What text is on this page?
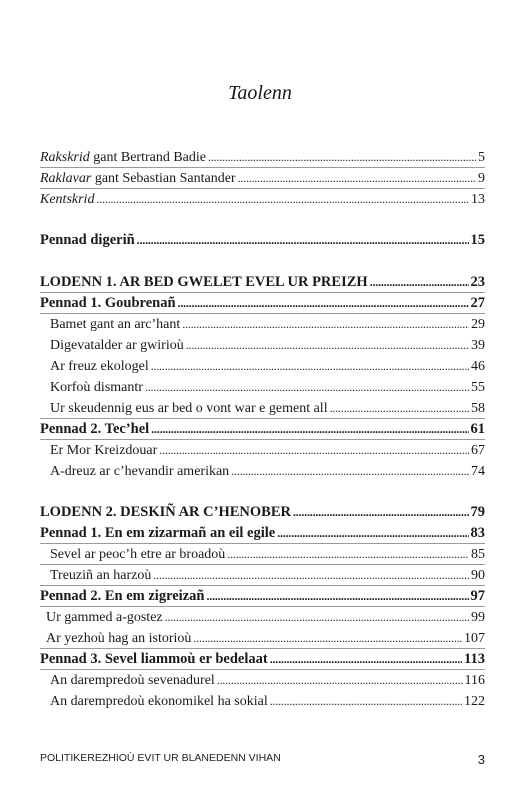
Taolenn
Rakskrid gant Bertrand Badie . . .	5
Raklavar gant Sebastian Santander . . .	9
Kentskrid . . .	13
Pennad digeriñ . . .	15
LODENN 1. AR BED GWELET EVEL UR PREIZH . . .	23
Pennad 1. Goubrenañ . . .	27
Bamet gant an arc’hant . . .	29
Digevatalder ar gwirioù . . .	39
Ar freuz ekologel . . .	46
Korfoù dismantr . . .	55
Ur skeudennig eus ar bed o vont war e gement all . . .	58
Pennad 2. Tec’hel . . .	61
Er Mor Kreizdouar . . .	67
A-dreuz ar c’hevandir amerikan . . .	74
LODENN 2. DESKIÑ AR C’HENOBER . . .	79
Pennad 1. En em zizarmañ an eil egile . . .	83
Sevel ar peoc’h etre ar broadoù . . .	85
Treuziñ an harzoù . . .	90
Pennad 2. En em zigreizañ . . .	97
Ur gammed a-gostez . . .	99
Ar yezhoù hag an istorioù . . .	107
Pennad 3. Sevel liammoù er bedelaat . . .	113
An darempredoù sevenadurel . . .	116
An darempredoù ekonomikel ha sokial . . .	122
POLITIKEREZHIOÙ EVIT UR BLANEDENN VIHAN	3
